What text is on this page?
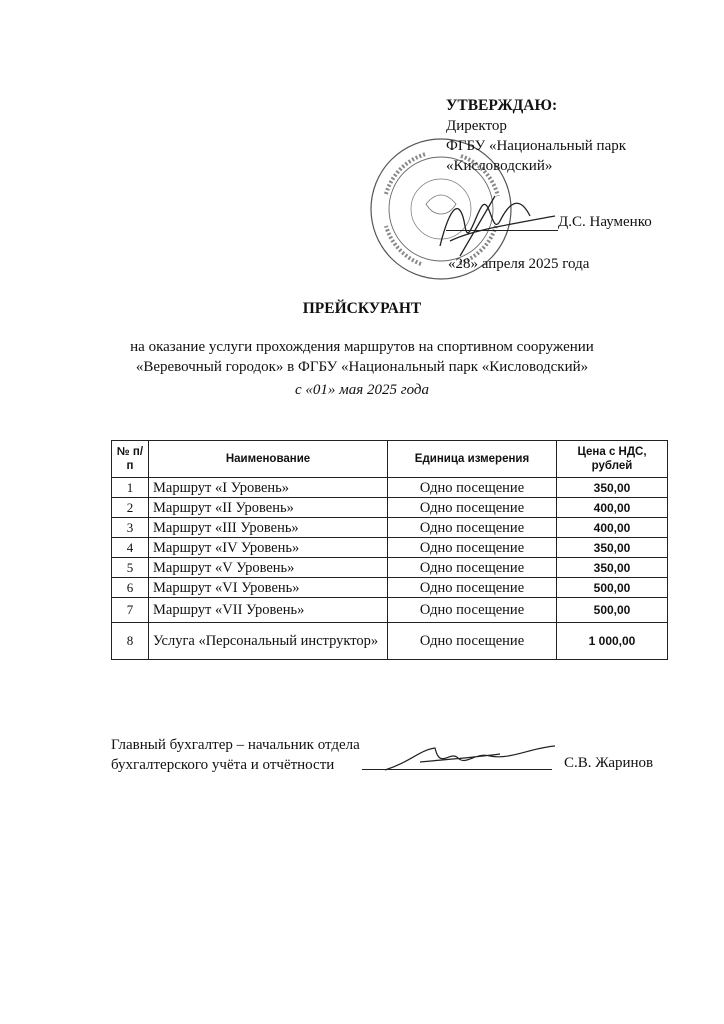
УТВЕРЖДАЮ:
Директор
ФГБУ «Национальный парк
«Кисловодский»
Д.С. Науменко
«28» апреля 2025 года
ПРЕЙСКУРАНТ
на оказание услуги прохождения маршрутов на спортивном сооружении
«Веревочный городок» в ФГБУ «Национальный парк «Кисловодский»
с «01» мая 2025 года
№ п/п	Наименование	Единица измерения	Цена с НДС, рублей
1	Маршрут «I Уровень»	Одно посещение	350,00
2	Маршрут «II Уровень»	Одно посещение	400,00
3	Маршрут «III Уровень»	Одно посещение	400,00
4	Маршрут «IV Уровень»	Одно посещение	350,00
5	Маршрут «V Уровень»	Одно посещение	350,00
6	Маршрут «VI Уровень»	Одно посещение	500,00
7	Маршрут «VII Уровень»	Одно посещение	500,00
8	Услуга «Персональный инструктор»	Одно посещение	1 000,00
Главный бухгалтер – начальник отдела
бухгалтерского учёта и отчётности	С.В. Жаринов
